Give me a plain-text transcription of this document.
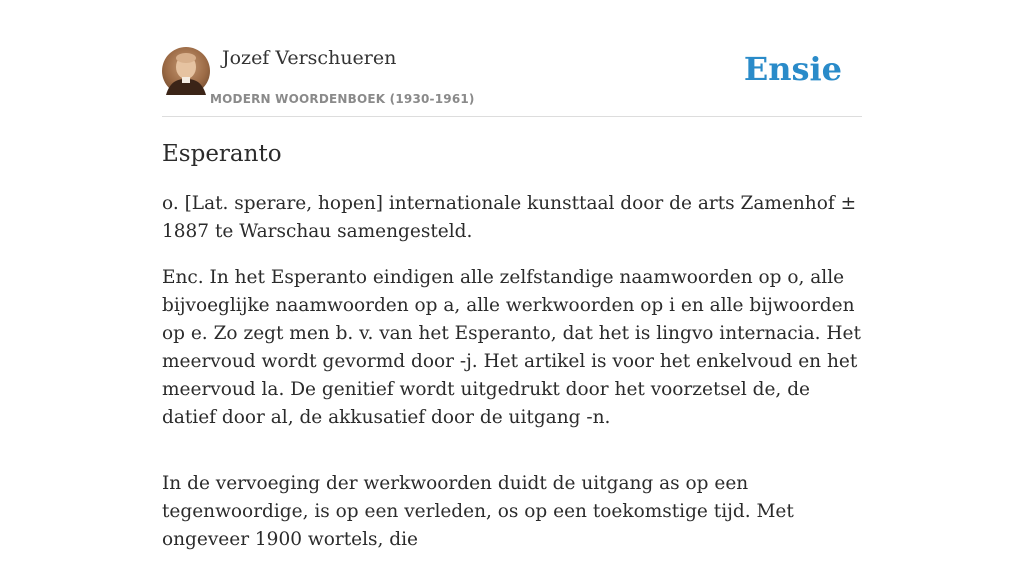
Jozef Verschueren
MODERN WOORDENBOEK (1930-1961)
Ensie
Esperanto

o. [Lat. sperare, hopen] internationale kunsttaal door de arts Zamenhof ± 1887 te Warschau samengesteld.

Enc. In het Esperanto eindigen alle zelfstandige naamwoorden op o, alle bijvoeglijke naamwoorden op a, alle werkwoorden op i en alle bijwoorden op e. Zo zegt men b. v. van het Esperanto, dat het is lingvo internacia. Het meervoud wordt gevormd door -j. Het artikel is voor het enkelvoud en het meervoud la. De genitief wordt uitgedrukt door het voorzetsel de, de datief door al, de akkusatief door de uitgang -n.

In de vervoeging der werkwoorden duidt de uitgang as op een tegenwoordige, is op een verleden, os op een toekomstige tijd. Met ongeveer 1900 wortels, die
